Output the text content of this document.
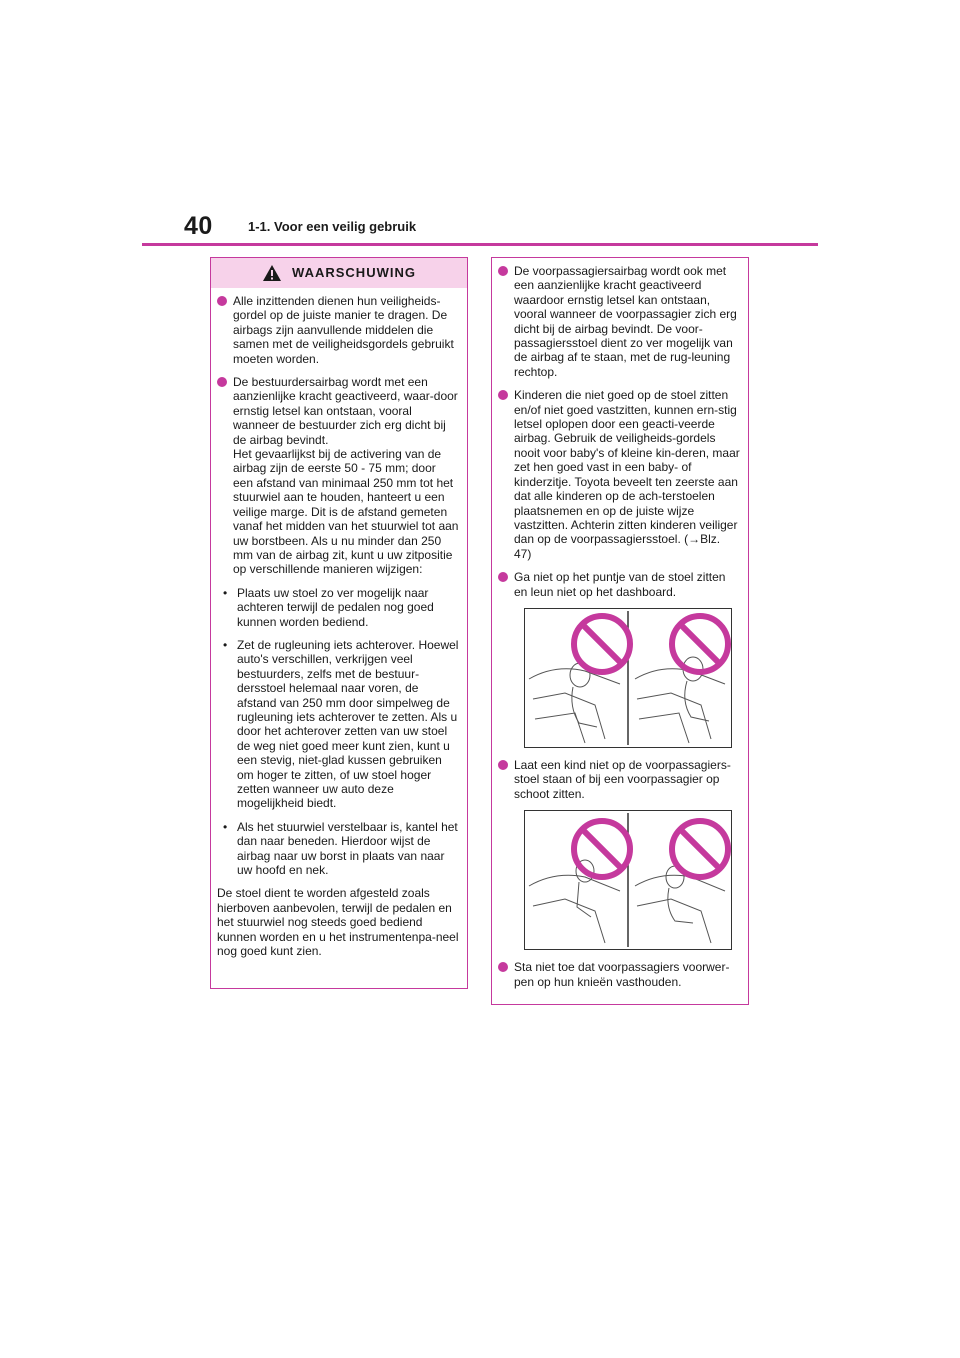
40	1-1. Voor een veilig gebruik
WAARSCHUWING

Alle inzittenden dienen hun veiligheids-gordel op de juiste manier te dragen. De airbags zijn aanvullende middelen die samen met de veiligheidsgordels gebruikt moeten worden.

De bestuurdersairbag wordt met een aanzienlijke kracht geactiveerd, waar-door ernstig letsel kan ontstaan, vooral wanneer de bestuurder zich erg dicht bij de airbag bevindt.

Het gevaarlijkst bij de activering van de airbag zijn de eerste 50 - 75 mm; door een afstand van minimaal 250 mm tot het stuurwiel aan te houden, hanteert u een veilige marge. Dit is de afstand gemeten vanaf het midden van het stuurwiel tot aan uw borstbeen. Als u nu minder dan 250 mm van de airbag zit, kunt u uw zitpositie op verschillende manieren wijzigen:

• Plaats uw stoel zo ver mogelijk naar achteren terwijl de pedalen nog goed kunnen worden bediend.

• Zet de rugleuning iets achterover. Hoewel auto's verschillen, verkrijgen veel bestuurders, zelfs met de bestuur-dersstoel helemaal naar voren, de afstand van 250 mm door simpelweg de rugleuning iets achterover te zetten. Als u door het achterover zetten van uw stoel de weg niet goed meer kunt zien, kunt u een stevig, niet-glad kussen gebruiken om hoger te zitten, of uw stoel hoger zetten wanneer uw auto deze mogelijkheid biedt.

• Als het stuurwiel verstelbaar is, kantel het dan naar beneden. Hierdoor wijst de airbag naar uw borst in plaats van naar uw hoofd en nek.

De stoel dient te worden afgesteld zoals hierboven aanbevolen, terwijl de pedalen en het stuurwiel nog steeds goed bediend kunnen worden en u het instrumentenpa-neel nog goed kunt zien.

De voorpassagiersairbag wordt ook met een aanzienlijke kracht geactiveerd waardoor ernstig letsel kan ontstaan, vooral wanneer de voorpassagier zich erg dicht bij de airbag bevindt. De voor-passagiersstoel dient zo ver mogelijk van de airbag af te staan, met de rug-leuning rechtop.

Kinderen die niet goed op de stoel zitten en/of niet goed vastzitten, kunnen ern-stig letsel oplopen door een geacti-veerde airbag. Gebruik de veiligheids-gordels nooit voor baby's of kleine kin-deren, maar zet hen goed vast in een baby- of kinderzitje. Toyota beveelt ten zeerste aan dat alle kinderen op de ach-terstoelen plaatsnemen en op de juiste wijze vastzitten. Achterin zitten kinderen veiliger dan op de voorpassagiersstoel. (→Blz. 47)

Ga niet op het puntje van de stoel zitten en leun niet op het dashboard.

Laat een kind niet op de voorpassagiers-stoel staan of bij een voorpassagier op schoot zitten.

Sta niet toe dat voorpassagiers voorwer-pen op hun knieën vasthouden.
